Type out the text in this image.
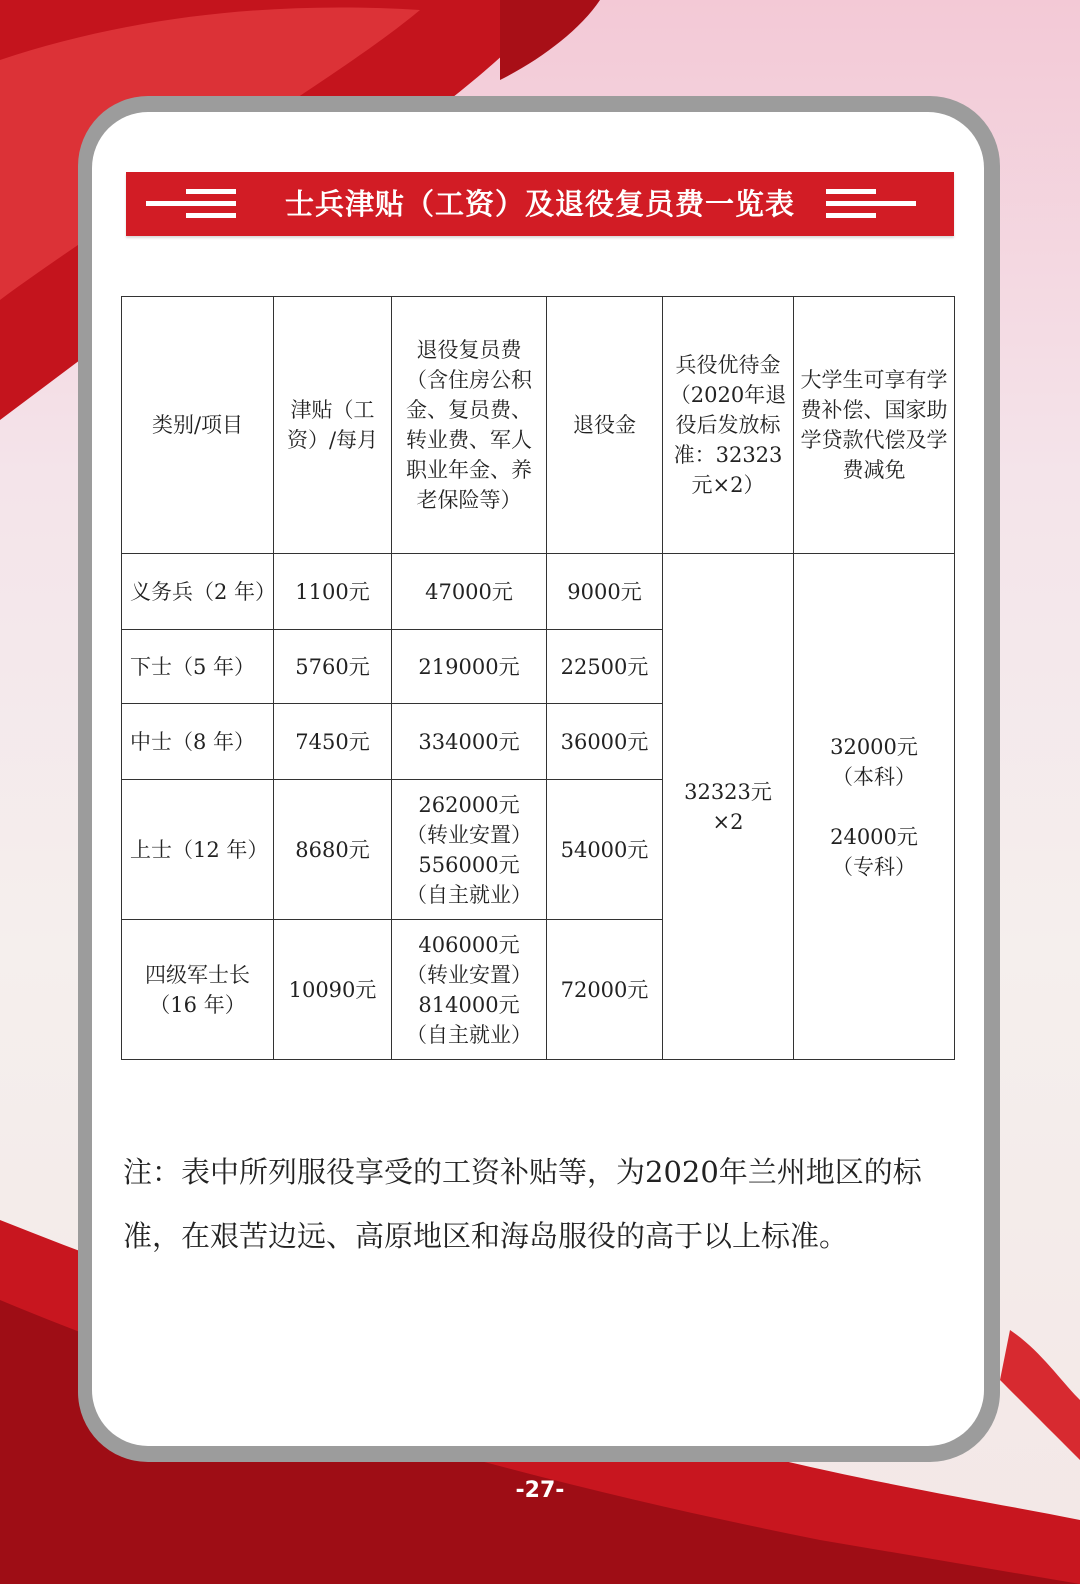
士兵津贴（工资）及退役复员费一览表
类别/项目	津贴（工资）/每月	退役复员费（含住房公积金、复员费、转业费、军人职业年金、养老保险等）	退役金	兵役优待金（2020年退役后发放标准：32323元×2）	大学生可享有学费补偿、国家助学贷款代偿及学费减免

义务兵（2 年）	1100元	47000元	9000元	32323元×2	32000元
（本科）

24000元
（专科）

下士（5 年）	5760元	219000元	22500元		

中士（8 年）	7450元	334000元	36000元		

上士（12 年）	8680元	262000元
（转业安置）
556000元
（自主就业）	54000元		

四级军士长
（16 年）	10090元	406000元
（转业安置）
814000元
（自主就业）	72000元		
注：表中所列服役享受的工资补贴等，为2020年兰州地区的标准，在艰苦边远、高原地区和海岛服役的高于以上标准。
-27-
